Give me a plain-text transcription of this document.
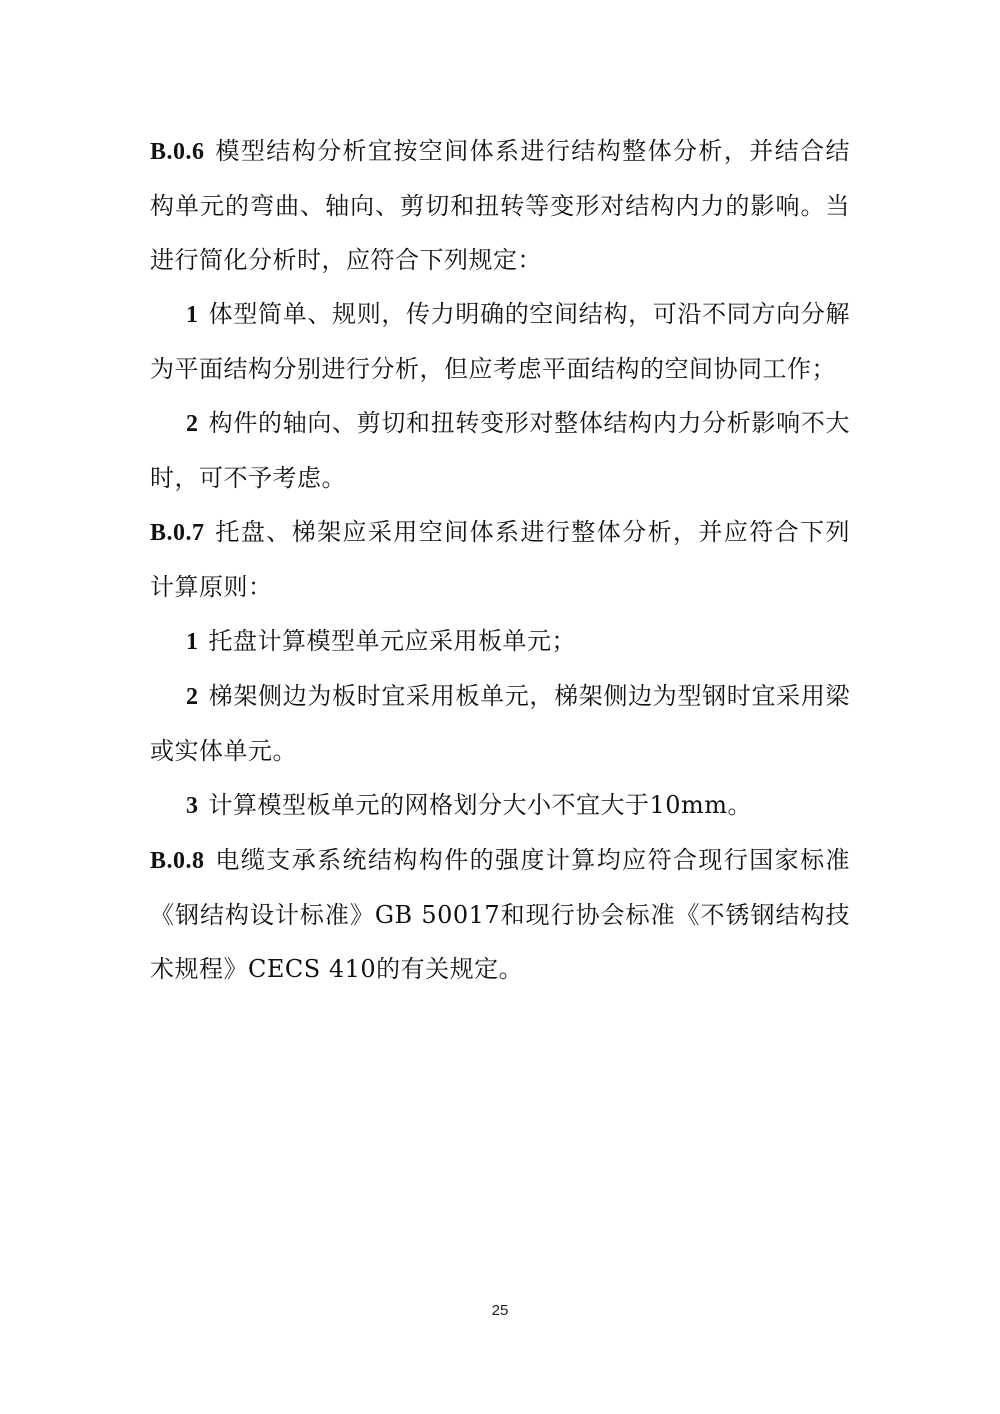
B.0.6 模型结构分析宜按空间体系进行结构整体分析，并结合结构单元的弯曲、轴向、剪切和扭转等变形对结构内力的影响。当进行简化分析时，应符合下列规定：

1 体型简单、规则，传力明确的空间结构，可沿不同方向分解为平面结构分别进行分析，但应考虑平面结构的空间协同工作；

2 构件的轴向、剪切和扭转变形对整体结构内力分析影响不大时，可不予考虑。

B.0.7 托盘、梯架应采用空间体系进行整体分析，并应符合下列计算原则：

1 托盘计算模型单元应采用板单元；

2 梯架侧边为板时宜采用板单元，梯架侧边为型钢时宜采用梁或实体单元。

3 计算模型板单元的网格划分大小不宜大于10mm。

B.0.8 电缆支承系统结构构件的强度计算均应符合现行国家标准《钢结构设计标准》GB 50017和现行协会标准《不锈钢结构技术规程》CECS 410的有关规定。

25
